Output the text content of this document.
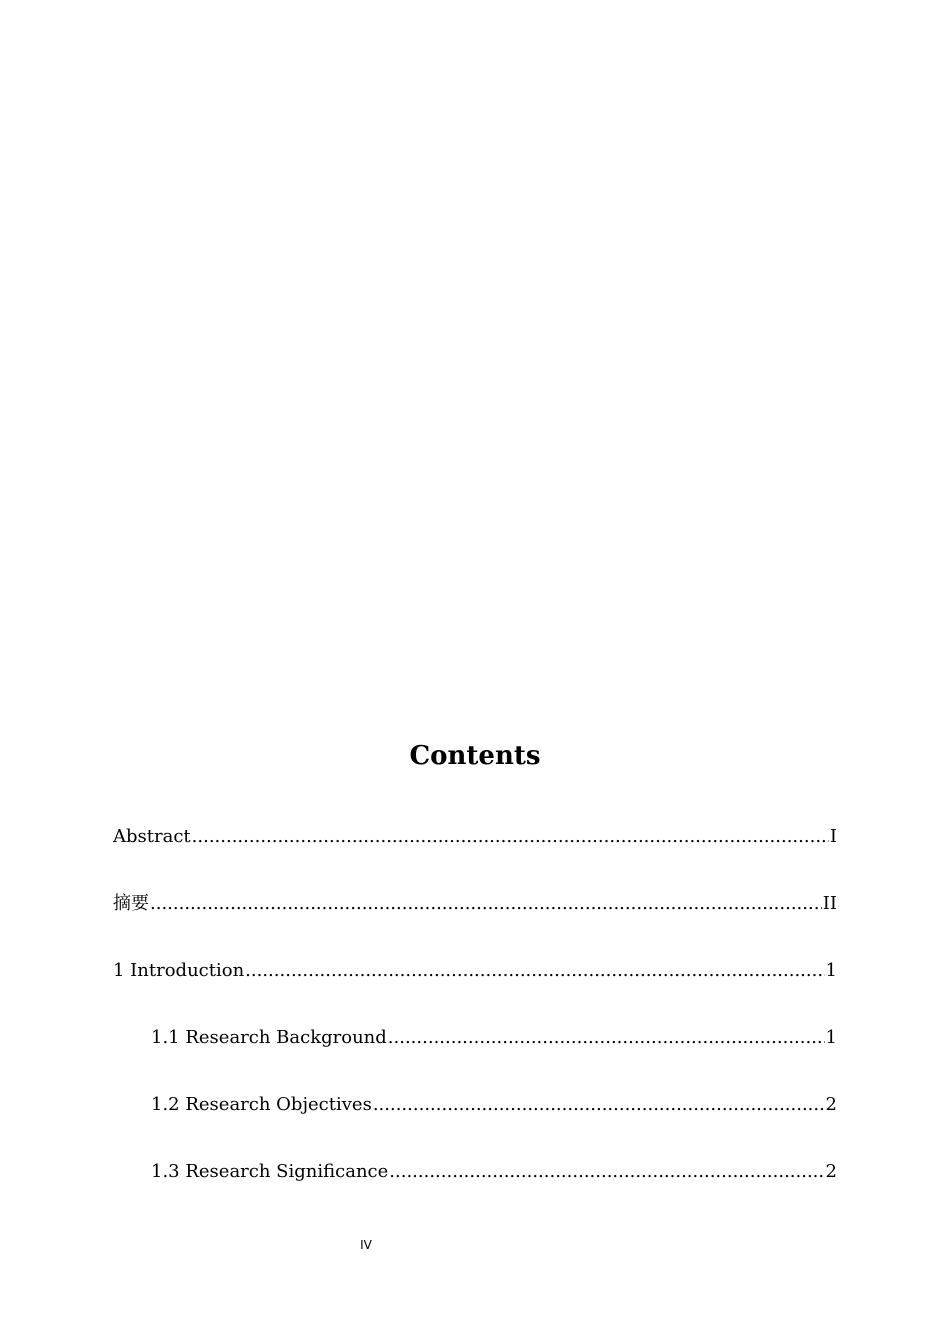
Contents
Abstract .....	I
摘要 .....	II
1 Introduction .....	1
1.1 Research Background .....	1
1.2 Research Objectives .....	2
1.3 Research Significance .....	2
IV
